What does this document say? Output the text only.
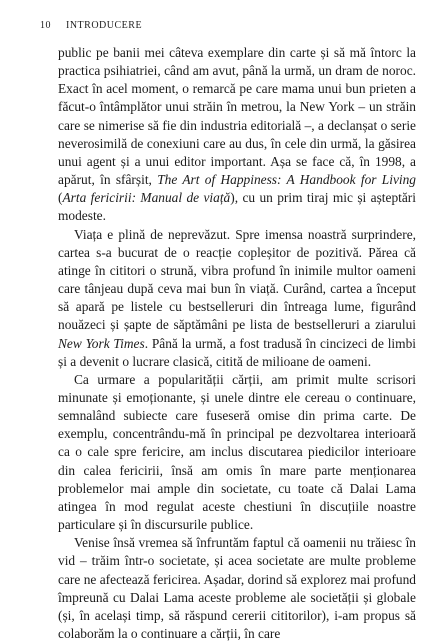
10 INTRODUCERE

public pe banii mei câteva exemplare din carte și să mă întorc la practica psihiatriei, când am avut, până la urmă, un dram de noroc. Exact în acel moment, o remarcă pe care mama unui bun prieten a făcut-o întâmplător unui străin în metrou, la New York – un străin care se nimerise să fie din industria editorială –, a declanșat o serie neverosimilă de conexiuni care au dus, în cele din urmă, la găsirea unui agent și a unui editor important. Așa se face că, în 1998, a apărut, în sfârșit, The Art of Happiness: A Handbook for Living (Arta fericirii: Manual de viață), cu un prim tiraj mic și așteptări modeste.

Viața e plină de neprevăzut. Spre imensa noastră surprindere, cartea s-a bucurat de o reacție copleșitor de pozitivă. Părea că atinge în cititori o strună, vibra profund în inimile multor oameni care tânjeau după ceva mai bun în viață. Curând, cartea a început să apară pe listele cu bestselleruri din întreaga lume, figurând nouăzeci și șapte de săptămâni pe lista de bestselleruri a ziarului New York Times. Până la urmă, a fost tradusă în cincizeci de limbi și a devenit o lucrare clasică, citită de milioane de oameni.

Ca urmare a popularității cărții, am primit multe scrisori minunate și emoționante, și unele dintre ele cereau o continuare, semnalând subiecte care fuseseră omise din prima carte. De exemplu, concentrându-mă în principal pe dezvoltarea interioară ca o cale spre fericire, am inclus discutarea piedicilor interioare din calea fericirii, însă am omis în mare parte menționarea problemelor mai ample din societate, cu toate că Dalai Lama atingea în mod regulat aceste chestiuni în discuțiile noastre particulare și în discursurile publice.

Venise însă vremea să înfruntăm faptul că oamenii nu trăiesc în vid – trăim într-o societate, și acea societate are multe probleme care ne afectează fericirea. Așadar, dorind să explorez mai profund împreună cu Dalai Lama aceste probleme ale societății și globale (și, în același timp, să răspund cererii cititorilor), i-am propus să colaborăm la o continuare a cărții, în care
